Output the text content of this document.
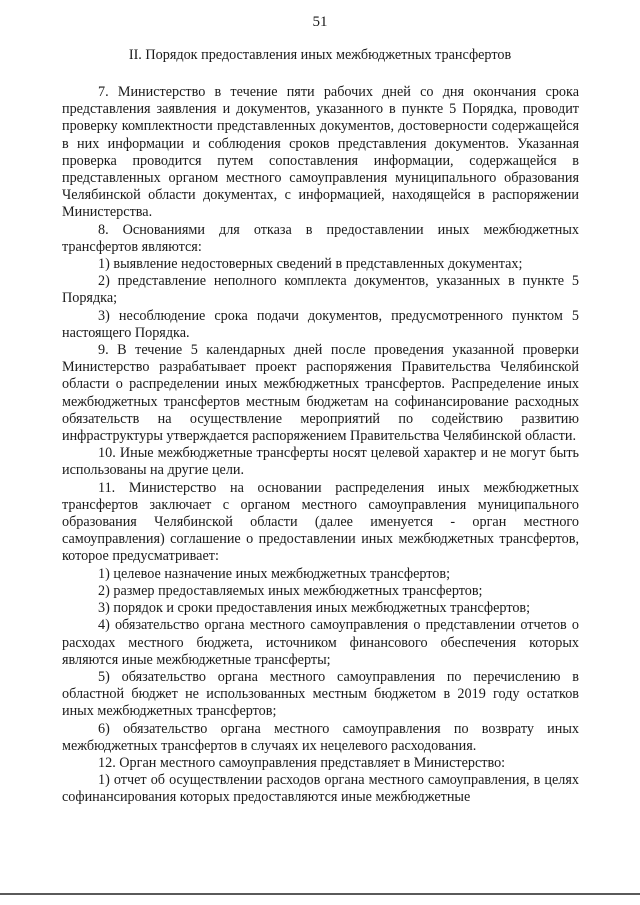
51
II. Порядок предоставления иных межбюджетных трансфертов

7. Министерство в течение пяти рабочих дней со дня окончания срока представления заявления и документов, указанного в пункте 5 Порядка, проводит проверку комплектности представленных документов, достоверности содержащейся в них информации и соблюдения сроков представления документов. Указанная проверка проводится путем сопоставления информации, содержащейся в представленных органом местного самоуправления муниципального образования Челябинской области документах, с информацией, находящейся в распоряжении Министерства.

8. Основаниями для отказа в предоставлении иных межбюджетных трансфертов являются:

1) выявление недостоверных сведений в представленных документах;

2) представление неполного комплекта документов, указанных в пункте 5 Порядка;

3) несоблюдение срока подачи документов, предусмотренного пунктом 5 настоящего Порядка.

9. В течение 5 календарных дней после проведения указанной проверки Министерство разрабатывает проект распоряжения Правительства Челябинской области о распределении иных межбюджетных трансфертов. Распределение иных межбюджетных трансфертов местным бюджетам на софинансирование расходных обязательств на осуществление мероприятий по содействию развитию инфраструктуры утверждается распоряжением Правительства Челябинской области.

10. Иные межбюджетные трансферты носят целевой характер и не могут быть использованы на другие цели.

11. Министерство на основании распределения иных межбюджетных трансфертов заключает с органом местного самоуправления муниципального образования Челябинской области (далее именуется - орган местного самоуправления) соглашение о предоставлении иных межбюджетных трансфертов, которое предусматривает:

1) целевое назначение иных межбюджетных трансфертов;

2) размер предоставляемых иных межбюджетных трансфертов;

3) порядок и сроки предоставления иных межбюджетных трансфертов;

4) обязательство органа местного самоуправления о представлении отчетов о расходах местного бюджета, источником финансового обеспечения которых являются иные межбюджетные трансферты;

5) обязательство органа местного самоуправления по перечислению в областной бюджет не использованных местным бюджетом в 2019 году остатков иных межбюджетных трансфертов;

6) обязательство органа местного самоуправления по возврату иных межбюджетных трансфертов в случаях их нецелевого расходования.

12. Орган местного самоуправления представляет в Министерство:

1) отчет об осуществлении расходов органа местного самоуправления, в целях софинансирования которых предоставляются иные межбюджетные
